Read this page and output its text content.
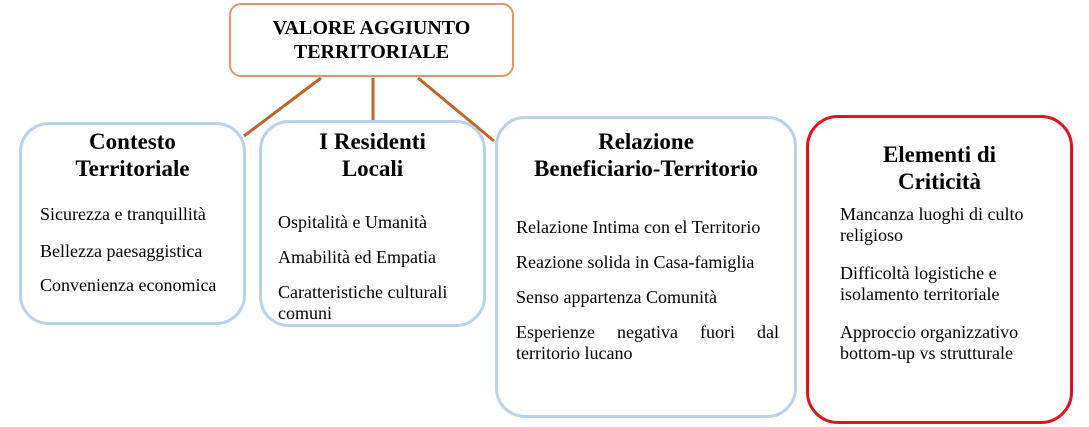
VALORE AGGIUNTO
TERRITORIALE
Contesto
Territoriale
Sicurezza e tranquillità
Bellezza paesaggistica
Convenienza economica
I Residenti
Locali
Ospitalità e Umanità
Amabilità ed Empatia
Caratteristiche culturali comuni
Relazione
Beneficiario-Territorio
Relazione Intima con el Territorio
Reazione solida in Casa-famiglia
Senso appartenza Comunità
Esperienze negativa fuori dal territorio lucano
Elementi di
Criticità
Mancanza luoghi di culto religioso
Difficoltà logistiche e isolamento territoriale
Approccio organizzativo bottom-up vs strutturale
